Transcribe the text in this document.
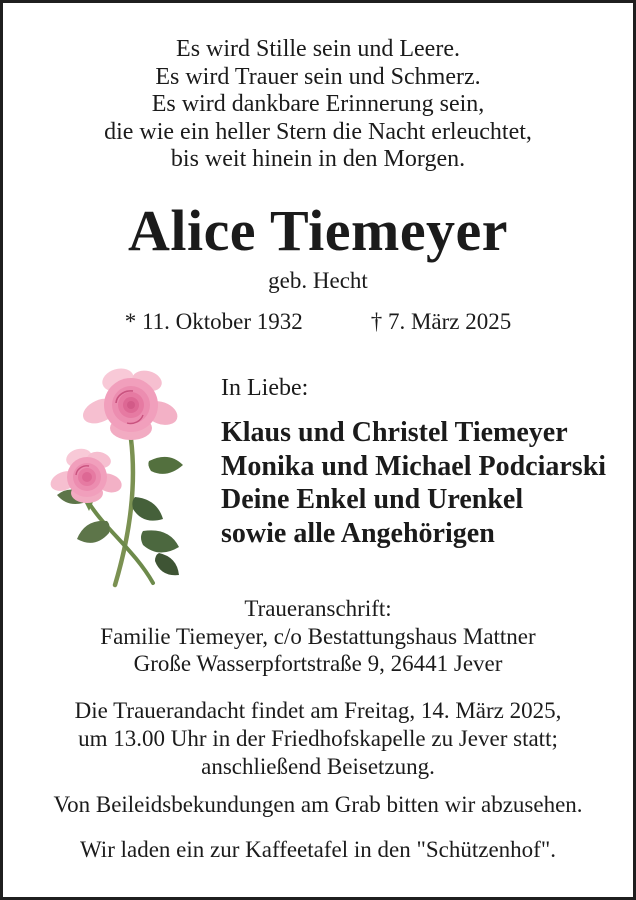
Es wird Stille sein und Leere.
Es wird Trauer sein und Schmerz.
Es wird dankbare Erinnerung sein,
die wie ein heller Stern die Nacht erleuchtet,
bis weit hinein in den Morgen.
Alice Tiemeyer
geb. Hecht
* 11. Oktober 1932	† 7. März 2025
In Liebe:
Klaus und Christel Tiemeyer
Monika und Michael Podciarski
Deine Enkel und Urenkel
sowie alle Angehörigen
Traueranschrift:
Familie Tiemeyer, c/o Bestattungshaus Mattner
Große Wasserpfortstraße 9, 26441 Jever
Die Trauerandacht findet am Freitag, 14. März 2025,
um 13.00 Uhr in der Friedhofskapelle zu Jever statt;
anschließend Beisetzung.
Von Beileidsbekundungen am Grab bitten wir abzusehen.
Wir laden ein zur Kaffeetafel in den "Schützenhof".
